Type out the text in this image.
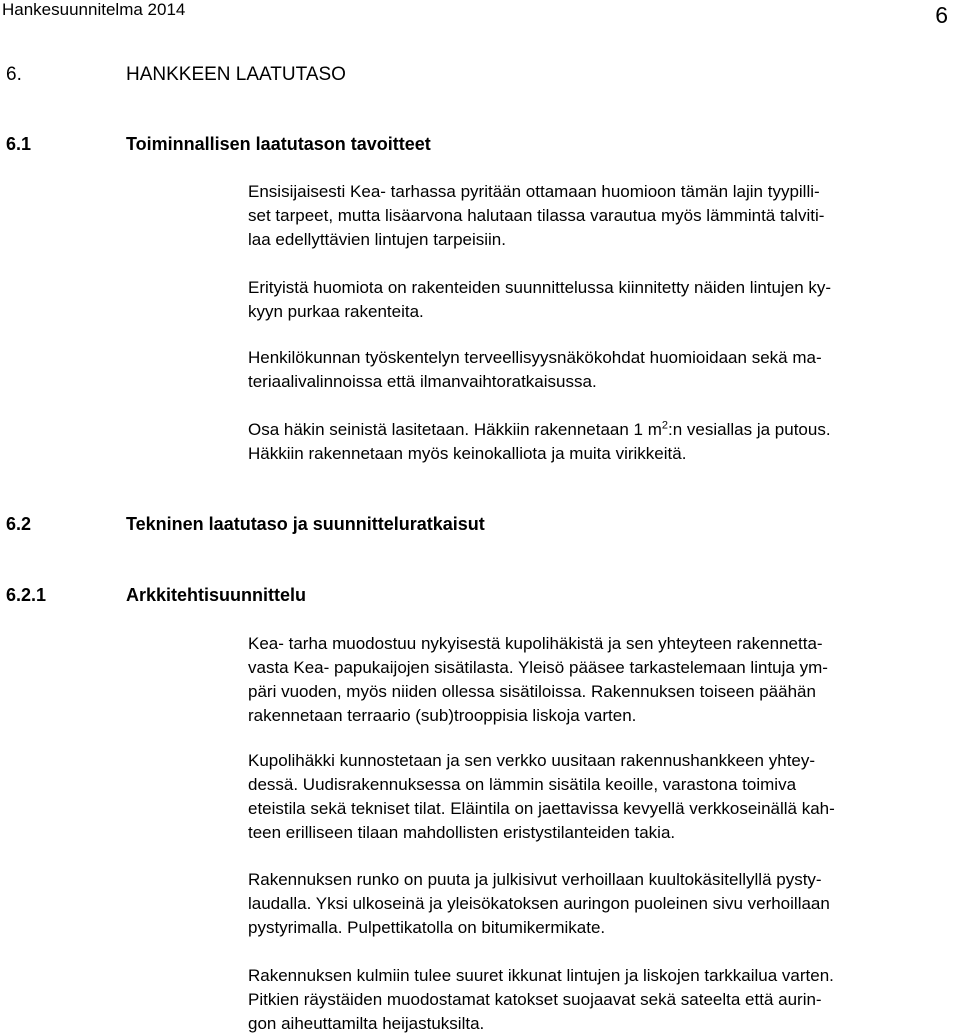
Hankesuunnitelma 2014	6
6.	HANKKEEN LAATUTASO
6.1	Toiminnallisen laatutason tavoitteet
Ensisijaisesti Kea- tarhassa pyritään ottamaan huomioon tämän lajin tyypilli-
set tarpeet, mutta lisäarvona halutaan tilassa varautua myös lämmintä talviti-
laa edellyttävien lintujen tarpeisiin.
Erityistä huomiota on rakenteiden suunnittelussa kiinnitetty näiden lintujen ky-
kyyn purkaa rakenteita.
Henkilökunnan työskentelyn terveellisyysnäkökohdat huomioidaan sekä ma-
teriaalivalinnoissa että ilmanvaihtoratkaisussa.
Osa häkin seinistä lasitetaan. Häkkiin rakennetaan 1 $m^2:n$ vesiallas ja putous.
Häkkiin rakennetaan myös keinokalliota ja muita virikkeitä.
6.2	Tekninen laatutaso ja suunnitteluratkaisut
6.2.1	Arkkitehtisuunnittelu
Kea- tarha muodostuu nykyisestä kupolihäkistä ja sen yhteyteen rakennetta-
vasta Kea- papukaijojen sisätilasta. Yleisö pääsee tarkastelemaan lintuja ym-
päri vuoden, myös niiden ollessa sisätiloissa. Rakennuksen toiseen päähän
rakennetaan terraario (sub)trooppisia liskoja varten.
Kupolihäkki kunnostetaan ja sen verkko uusitaan rakennushankkeen yhtey-
dessä. Uudisrakennuksessa on lämmin sisätila keoille, varastona toimiva
eteistila sekä tekniset tilat. Eläintila on jaettavissa kevyellä verkkoseinällä kah-
teen erilliseen tilaan mahdollisten eristystilanteiden takia.
Rakennuksen runko on puuta ja julkisivut verhoillaan kuultokäsitellyllä pysty-
laudalla. Yksi ulkoseinä ja yleisökatoksen auringon puoleinen sivu verhoillaan
pystyrimalla. Pulpettikatolla on bitumikermikate.
Rakennuksen kulmiin tulee suuret ikkunat lintujen ja liskojen tarkkailua varten.
Pitkien räystäiden muodostamat katokset suojaavat sekä sateelta että aurin-
gon aiheuttamilta heijastuksilta.
